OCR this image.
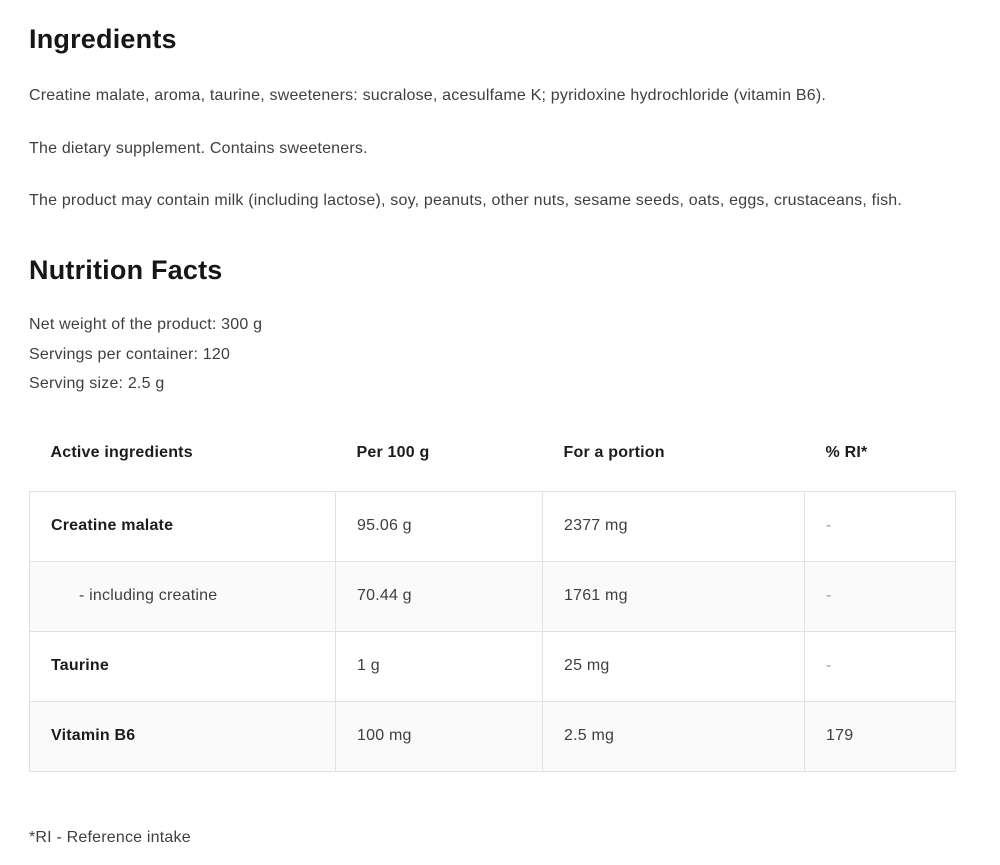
Ingredients

Creatine malate, aroma, taurine, sweeteners: sucralose, acesulfame K; pyridoxine hydrochloride (vitamin B6).

The dietary supplement. Contains sweeteners.

The product may contain milk (including lactose), soy, peanuts, other nuts, sesame seeds, oats, eggs, crustaceans, fish.

Nutrition Facts

Net weight of the product: 300 g

Servings per container: 120

Serving size: 2.5 g

Active ingredients	Per 100 g	For a portion	% RI*
Creatine malate	95.06 g	2377 mg	-
- including creatine	70.44 g	1761 mg	-
Taurine	1 g	25 mg	-
Vitamin B6	100 mg	2.5 mg	179

*RI - Reference intake
